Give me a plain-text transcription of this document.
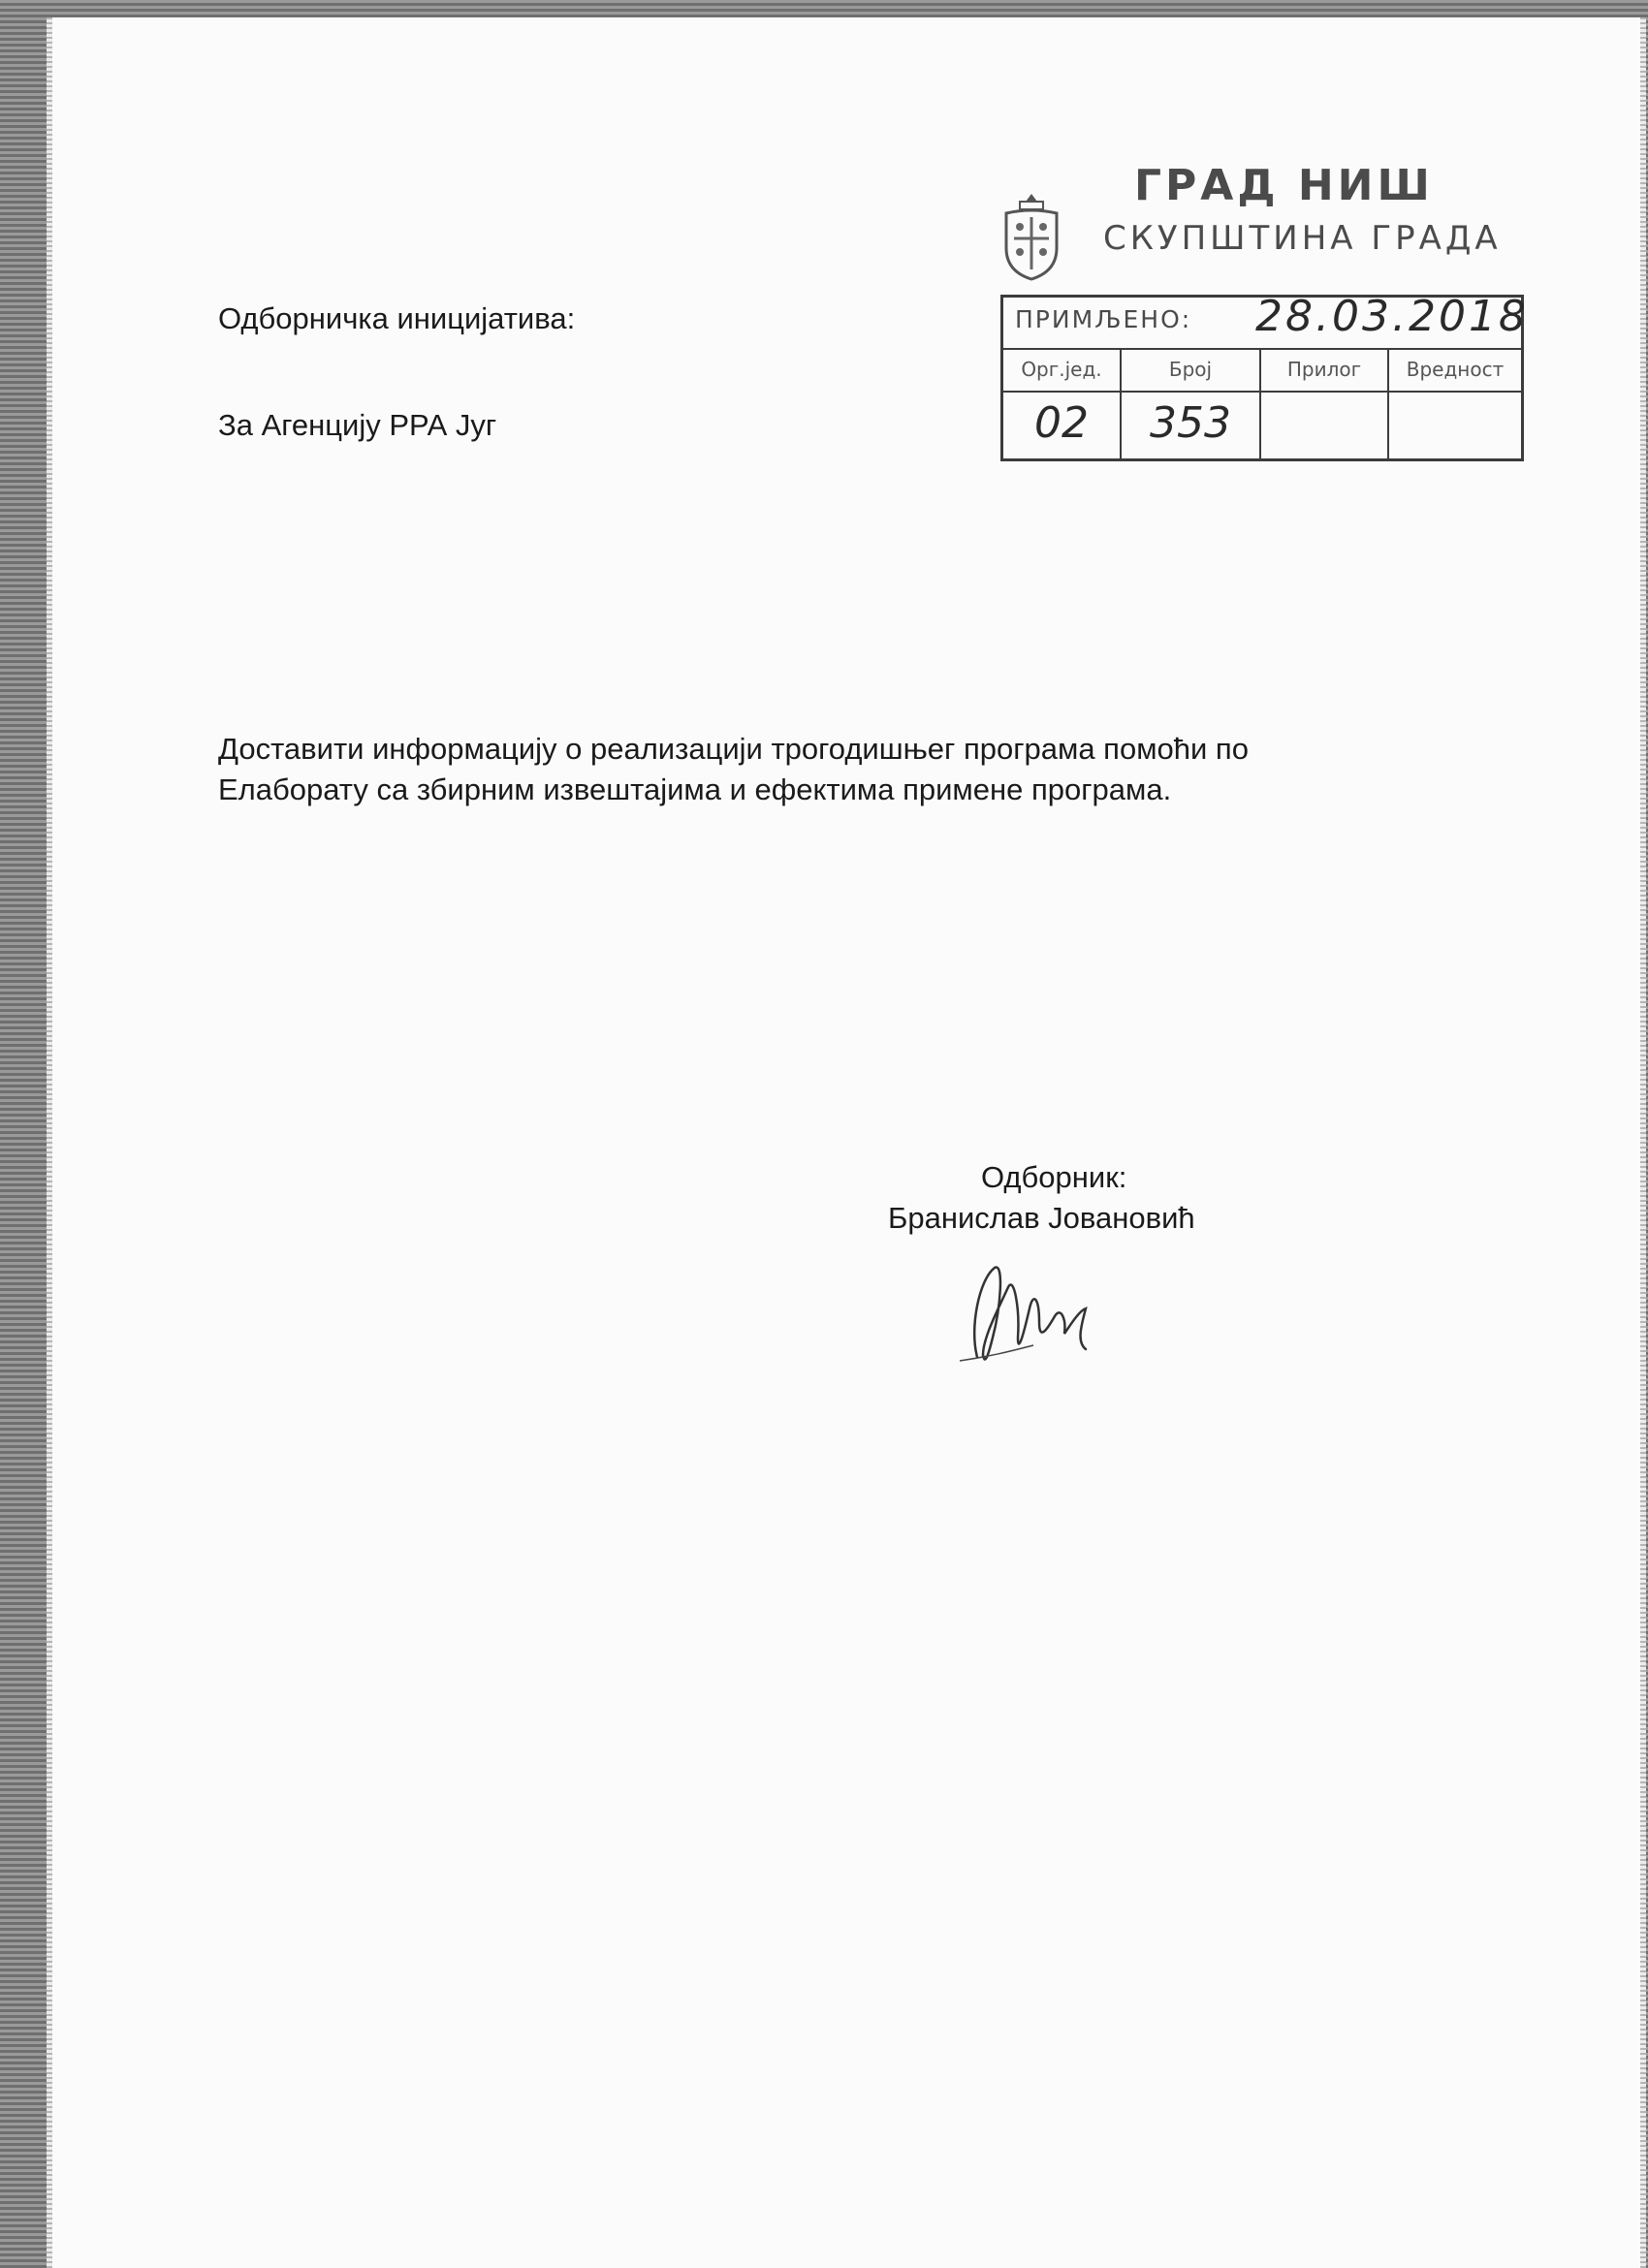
ГРАД НИШ
СКУПШТИНА ГРАДА
ПРИМЉЕНО: 28.03.2018
Орг.јед.	Број	Прилог	Вредност
02	353
Одборничка иницијатива:
За Агенцију РРА Југ
Доставити информацију о реализацији трогодишњег програма помоћи по
Елаборату са збирним извештајима и ефектима примене програма.
Одборник:
Бранислав Јовановић
